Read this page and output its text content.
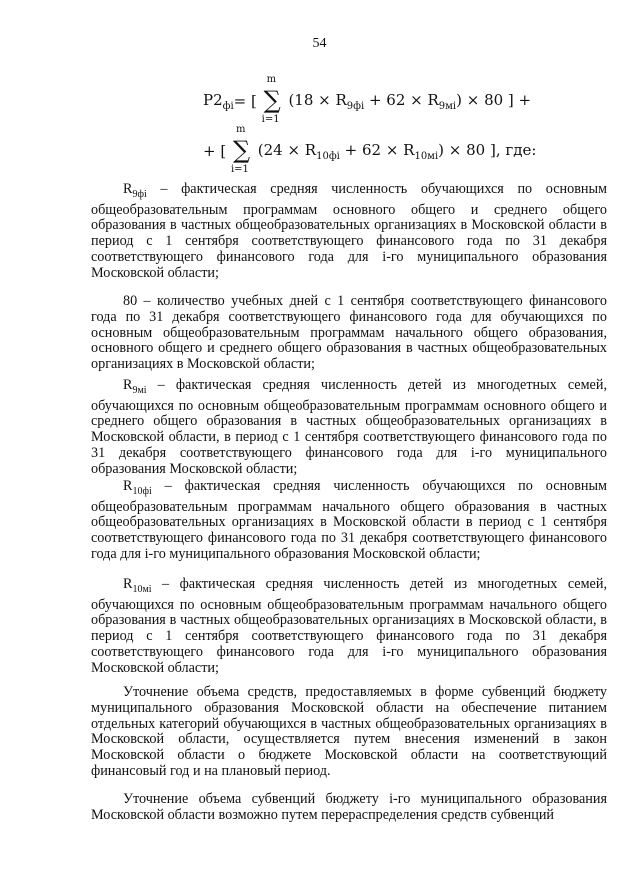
54
$P2_{фi}=$ [
m
∑
i=1
$(18 \times R_{9фi} + 62 \times R_{9мi}) \times 80$ ] +
+ [
m
∑
i=1
$(24 \times R_{10фi} + 62 \times R_{10мi}) \times 80$ ], где:

$R_{9фi}$ – фактическая средняя численность обучающихся по основным общеобразовательным программам основного общего и среднего общего образования в частных общеобразовательных организациях в Московской области в период с 1 сентября соответствующего финансового года по 31 декабря соответствующего финансового года для i-го муниципального образования Московской области;

80 – количество учебных дней с 1 сентября соответствующего финансового года по 31 декабря соответствующего финансового года для обучающихся по основным общеобразовательным программам начального общего образования, основного общего и среднего общего образования в частных общеобразовательных организациях в Московской области;

$R_{9мi}$ – фактическая средняя численность детей из многодетных семей, обучающихся по основным общеобразовательным программам основного общего и среднего общего образования в частных общеобразовательных организациях в Московской области, в период с 1 сентября соответствующего финансового года по 31 декабря соответствующего финансового года для i-го муниципального образования Московской области;

$R_{10фi}$ – фактическая средняя численность обучающихся по основным общеобразовательным программам начального общего образования в частных общеобразовательных организациях в Московской области в период с 1 сентября соответствующего финансового года по 31 декабря соответствующего финансового года для i-го муниципального образования Московской области;

$R_{10мi}$ – фактическая средняя численность детей из многодетных семей, обучающихся по основным общеобразовательным программам начального общего образования в частных общеобразовательных организациях в Московской области, в период с 1 сентября соответствующего финансового года по 31 декабря соответствующего финансового года для i-го муниципального образования Московской области;

Уточнение объема средств, предоставляемых в форме субвенций бюджету муниципального образования Московской области на обеспечение питанием отдельных категорий обучающихся в частных общеобразовательных организациях в Московской области, осуществляется путем внесения изменений в закон Московской области о бюджете Московской области на соответствующий финансовый год и на плановый период.

Уточнение объема субвенций бюджету i-го муниципального образования Московской области возможно путем перераспределения средств субвенций
